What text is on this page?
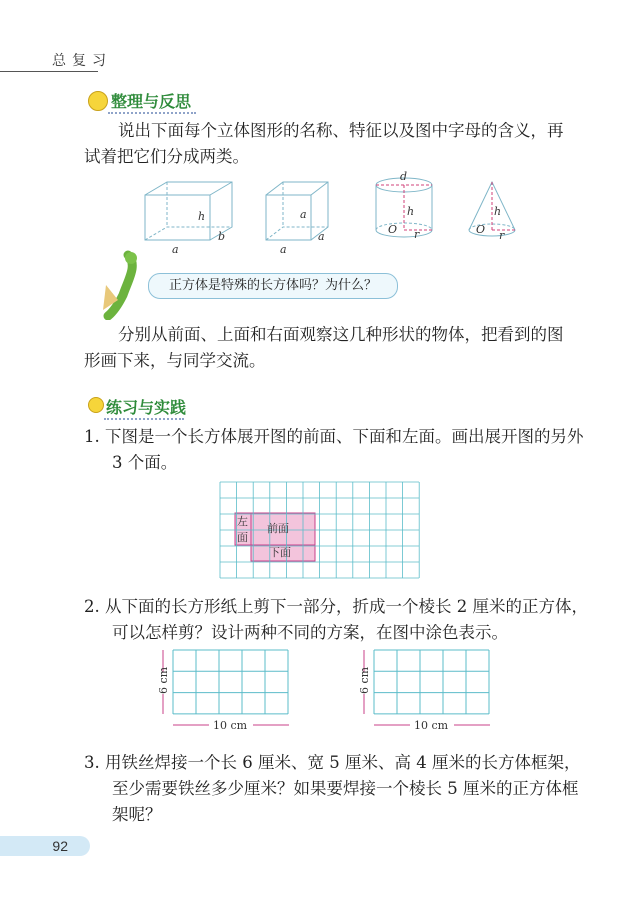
总复习
整理与反思
说出下面每个立体图形的名称、特征以及图中字母的含义，再试着把它们分成两类。
h
b
a
a
a
a
d
h
O r
h
O r
正方体是特殊的长方体吗？为什么？
分别从前面、上面和右面观察这几种形状的物体，把看到的图形画下来，与同学交流。
练习与实践
1. 下图是一个长方体展开图的前面、下面和左面。画出展开图的另外 3 个面。
左
面
前面
下面
2. 从下面的长方形纸上剪下一部分，折成一个棱长 2 厘米的正方体，可以怎样剪？设计两种不同的方案，在图中涂色表示。
6 cm
10 cm
6 cm
10 cm
3. 用铁丝焊接一个长 6 厘米、宽 5 厘米、高 4 厘米的长方体框架，至少需要铁丝多少厘米？如果要焊接一个棱长 5 厘米的正方体框架呢？
92
